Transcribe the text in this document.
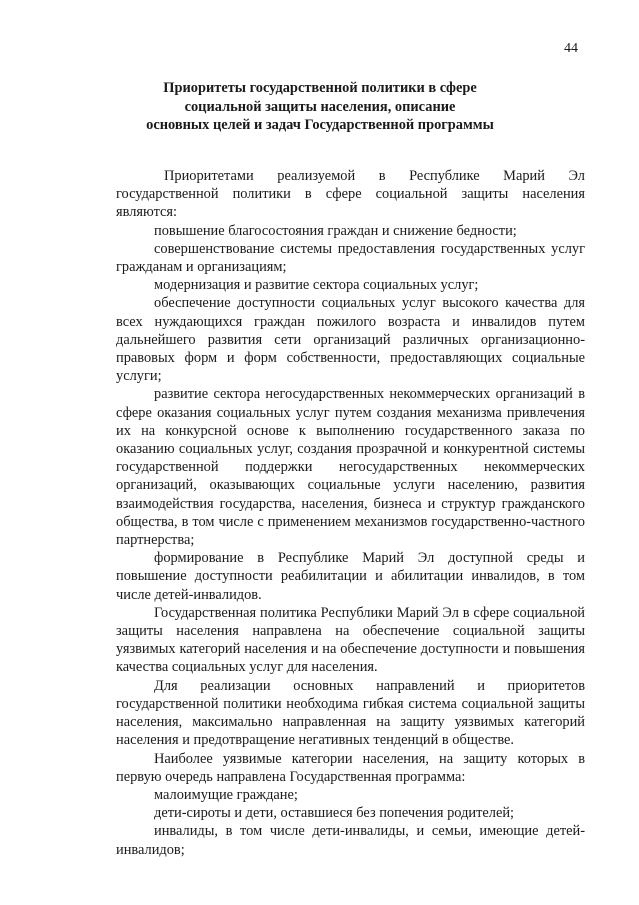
44
Приоритеты государственной политики в сфере
социальной защиты населения, описание
основных целей и задач Государственной программы

Приоритетами реализуемой в Республике Марий Эл государственной политики в сфере социальной защиты населения являются:

повышение благосостояния граждан и снижение бедности;

совершенствование системы предоставления государственных услуг гражданам и организациям;

модернизация и развитие сектора социальных услуг;

обеспечение доступности социальных услуг высокого качества для всех нуждающихся граждан пожилого возраста и инвалидов путем дальнейшего развития сети организаций различных организационно-правовых форм и форм собственности, предоставляющих социальные услуги;

развитие сектора негосударственных некоммерческих организаций в сфере оказания социальных услуг путем создания механизма привлечения их на конкурсной основе к выполнению государственного заказа по оказанию социальных услуг, создания прозрачной и конкурентной системы государственной поддержки негосударственных некоммерческих организаций, оказывающих социальные услуги населению, развития взаимодействия государства, населения, бизнеса и структур гражданского общества, в том числе с применением механизмов государственно-частного партнерства;

формирование в Республике Марий Эл доступной среды и повышение доступности реабилитации и абилитации инвалидов, в том числе детей-инвалидов.

Государственная политика Республики Марий Эл в сфере социальной защиты населения направлена на обеспечение социальной защиты уязвимых категорий населения и на обеспечение доступности и повышения качества социальных услуг для населения.

Для реализации основных направлений и приоритетов государственной политики необходима гибкая система социальной защиты населения, максимально направленная на защиту уязвимых категорий населения и предотвращение негативных тенденций в обществе.

Наиболее уязвимые категории населения, на защиту которых в первую очередь направлена Государственная программа:

малоимущие граждане;

дети-сироты и дети, оставшиеся без попечения родителей;

инвалиды, в том числе дети-инвалиды, и семьи, имеющие детей-инвалидов;
